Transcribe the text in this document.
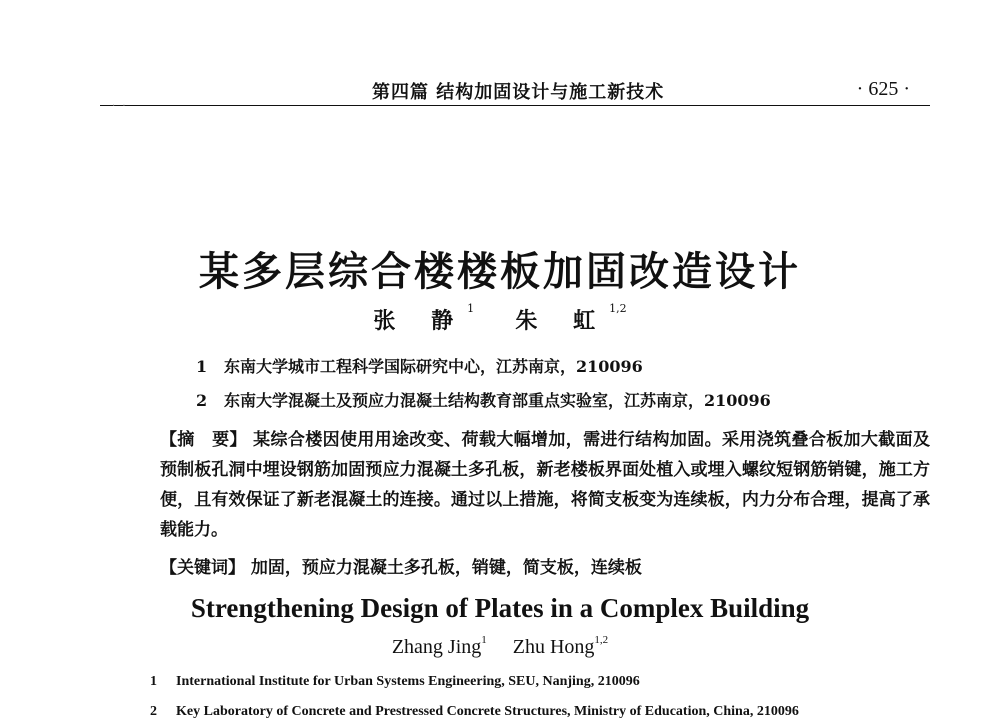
第四篇 结构加固设计与施工新技术	· 625 ·
· ·
某多层综合楼楼板加固改造设计
张 静$^1$ 朱 虹$^{1,2}$
1 东南大学城市工程科学国际研究中心，江苏南京，210096
2 东南大学混凝土及预应力混凝土结构教育部重点实验室，江苏南京，210096
【摘　要】 某综合楼因使用用途改变、荷载大幅增加，需进行结构加固。采用浇筑叠合板加大截面及预制板孔洞中埋设钢筋加固预应力混凝土多孔板，新老楼板界面处植入或埋入螺纹短钢筋销键，施工方便，且有效保证了新老混凝土的连接。通过以上措施，将简支板变为连续板，内力分布合理，提高了承载能力。
【关键词】 加固，预应力混凝土多孔板，销键，简支板，连续板
Strengthening Design of Plates in a Complex Building
Zhang Jing$^1$ Zhu Hong$^{1,2}$
1 International Institute for Urban Systems Engineering, SEU, Nanjing, 210096
2 Key Laboratory of Concrete and Prestressed Concrete Structures, Ministry of Education, China, 210096
